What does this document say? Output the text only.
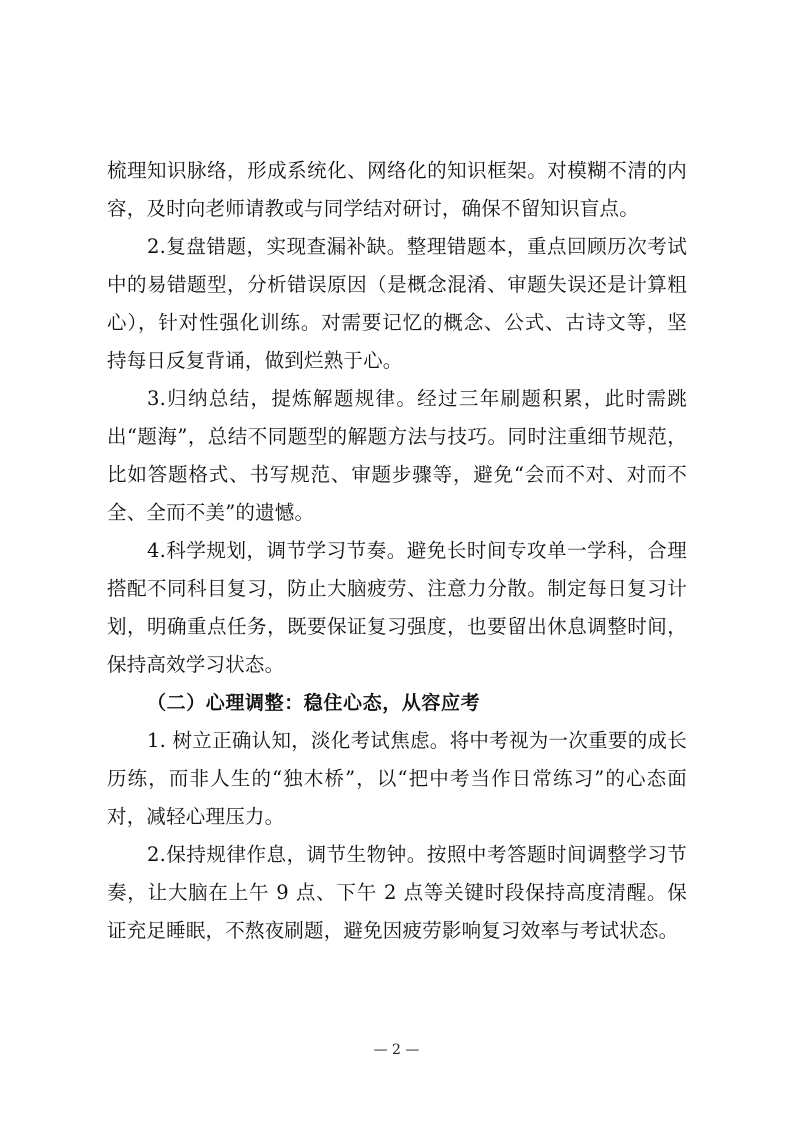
梳理知识脉络，形成系统化、网络化的知识框架。对模糊不清的内容，及时向老师请教或与同学结对研讨，确保不留知识盲点。

2.复盘错题，实现查漏补缺。整理错题本，重点回顾历次考试中的易错题型，分析错误原因（是概念混淆、审题失误还是计算粗心），针对性强化训练。对需要记忆的概念、公式、古诗文等，坚持每日反复背诵，做到烂熟于心。

3.归纳总结，提炼解题规律。经过三年刷题积累，此时需跳出“题海”，总结不同题型的解题方法与技巧。同时注重细节规范，比如答题格式、书写规范、审题步骤等，避免“会而不对、对而不全、全而不美”的遗憾。

4.科学规划，调节学习节奏。避免长时间专攻单一学科，合理搭配不同科目复习，防止大脑疲劳、注意力分散。制定每日复习计划，明确重点任务，既要保证复习强度，也要留出休息调整时间，保持高效学习状态。

（二）心理调整：稳住心态，从容应考

1. 树立正确认知，淡化考试焦虑。将中考视为一次重要的成长历练，而非人生的“独木桥”，以“把中考当作日常练习”的心态面对，减轻心理压力。

2.保持规律作息，调节生物钟。按照中考答题时间调整学习节奏，让大脑在上午 9 点、下午 2 点等关键时段保持高度清醒。保证充足睡眠，不熬夜刷题，避免因疲劳影响复习效率与考试状态。

— 2 —
